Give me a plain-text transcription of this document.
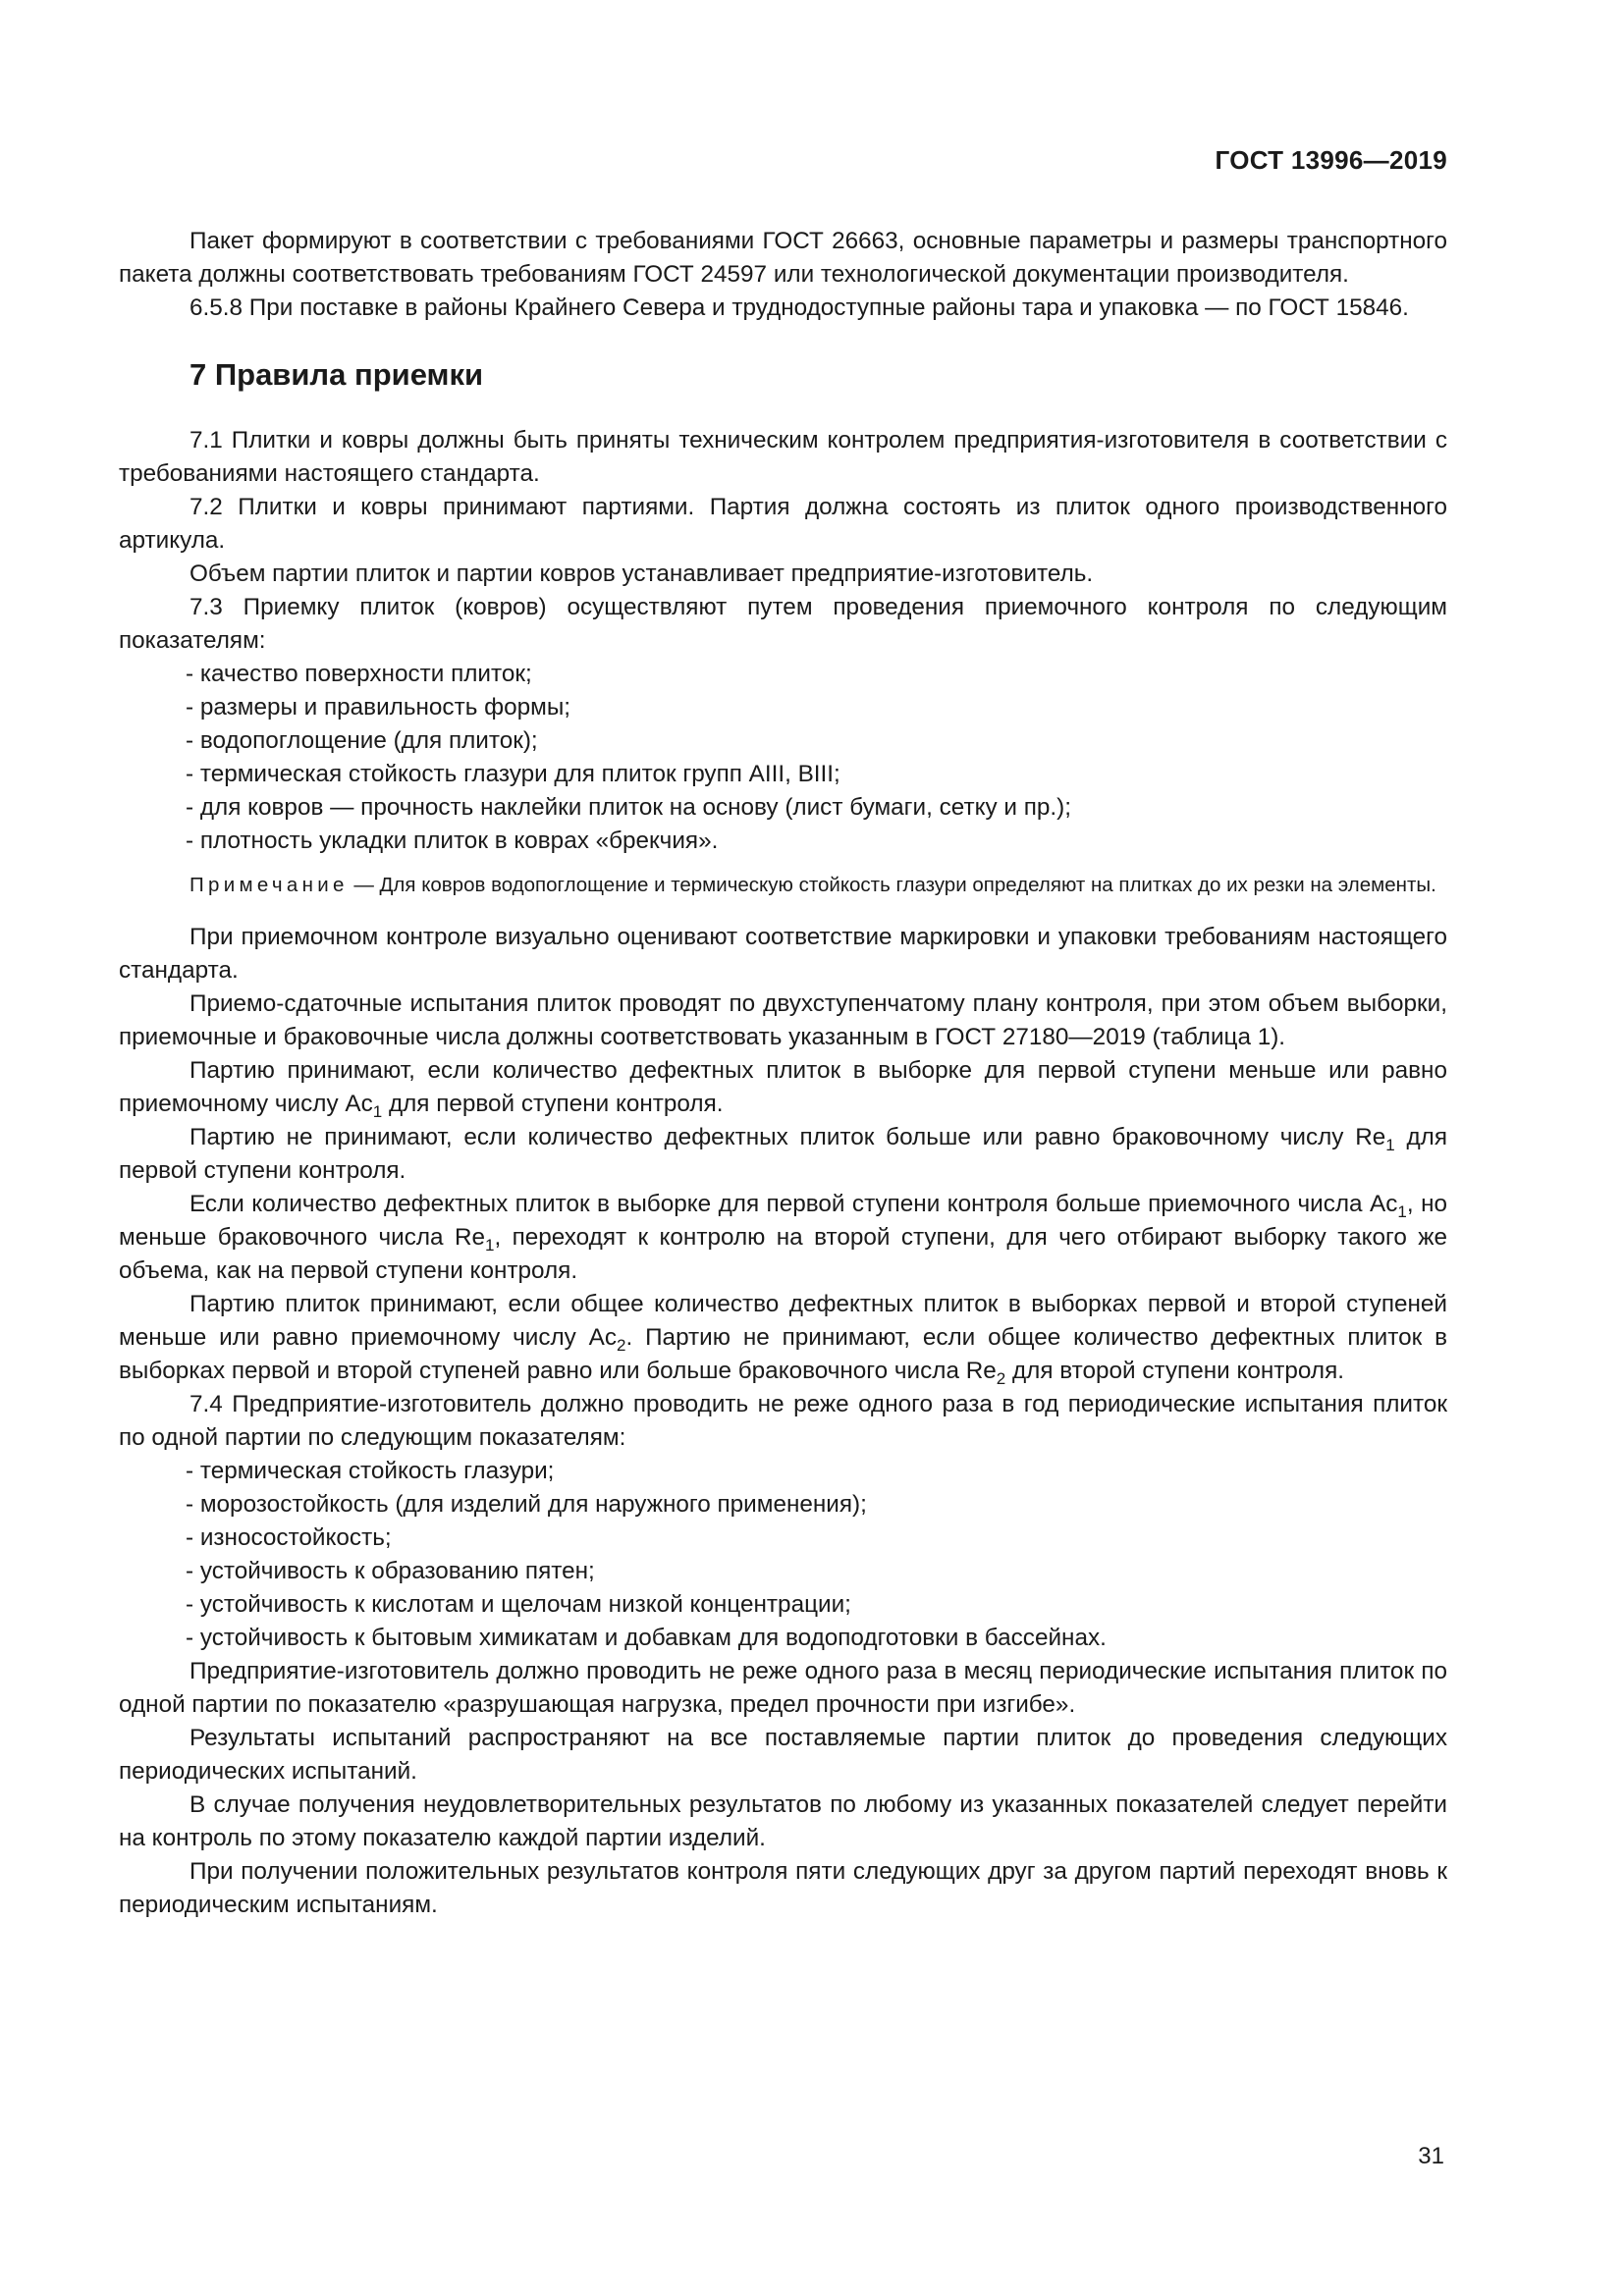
ГОСТ 13996—2019

Пакет формируют в соответствии с требованиями ГОСТ 26663, основные параметры и размеры транспортного пакета должны соответствовать требованиям ГОСТ 24597 или технологической документации производителя.

6.5.8 При поставке в районы Крайнего Севера и труднодоступные районы тара и упаковка — по ГОСТ 15846.

7 Правила приемки

7.1 Плитки и ковры должны быть приняты техническим контролем предприятия-изготовителя в соответствии с требованиями настоящего стандарта.

7.2 Плитки и ковры принимают партиями. Партия должна состоять из плиток одного производственного артикула.

Объем партии плиток и партии ковров устанавливает предприятие-изготовитель.

7.3 Приемку плиток (ковров) осуществляют путем проведения приемочного контроля по следующим показателям:

- качество поверхности плиток;
- размеры и правильность формы;
- водопоглощение (для плиток);
- термическая стойкость глазури для плиток групп AIII, BIII;
- для ковров — прочность наклейки плиток на основу (лист бумаги, сетку и пр.);
- плотность укладки плиток в коврах «брекчия».

Примечание — Для ковров водопоглощение и термическую стойкость глазури определяют на плитках до их резки на элементы.

При приемочном контроле визуально оценивают соответствие маркировки и упаковки требованиям настоящего стандарта.

Приемо-сдаточные испытания плиток проводят по двухступенчатому плану контроля, при этом объем выборки, приемочные и браковочные числа должны соответствовать указанным в ГОСТ 27180—2019 (таблица 1).

Партию принимают, если количество дефектных плиток в выборке для первой ступени меньше или равно приемочному числу $Ac_1$ для первой ступени контроля.

Партию не принимают, если количество дефектных плиток больше или равно браковочному числу $Re_1$ для первой ступени контроля.

Если количество дефектных плиток в выборке для первой ступени контроля больше приемочного числа $Ac_1$, но меньше браковочного числа $Re_1$, переходят к контролю на второй ступени, для чего отбирают выборку такого же объема, как на первой ступени контроля.

Партию плиток принимают, если общее количество дефектных плиток в выборках первой и второй ступеней меньше или равно приемочному числу $Ac_2$. Партию не принимают, если общее количество дефектных плиток в выборках первой и второй ступеней равно или больше браковочного числа $Re_2$ для второй ступени контроля.

7.4 Предприятие-изготовитель должно проводить не реже одного раза в год периодические испытания плиток по одной партии по следующим показателям:

- термическая стойкость глазури;
- морозостойкость (для изделий для наружного применения);
- износостойкость;
- устойчивость к образованию пятен;
- устойчивость к кислотам и щелочам низкой концентрации;
- устойчивость к бытовым химикатам и добавкам для водоподготовки в бассейнах.

Предприятие-изготовитель должно проводить не реже одного раза в месяц периодические испытания плиток по одной партии по показателю «разрушающая нагрузка, предел прочности при изгибе».

Результаты испытаний распространяют на все поставляемые партии плиток до проведения следующих периодических испытаний.

В случае получения неудовлетворительных результатов по любому из указанных показателей следует перейти на контроль по этому показателю каждой партии изделий.

При получении положительных результатов контроля пяти следующих друг за другом партий переходят вновь к периодическим испытаниям.

31
